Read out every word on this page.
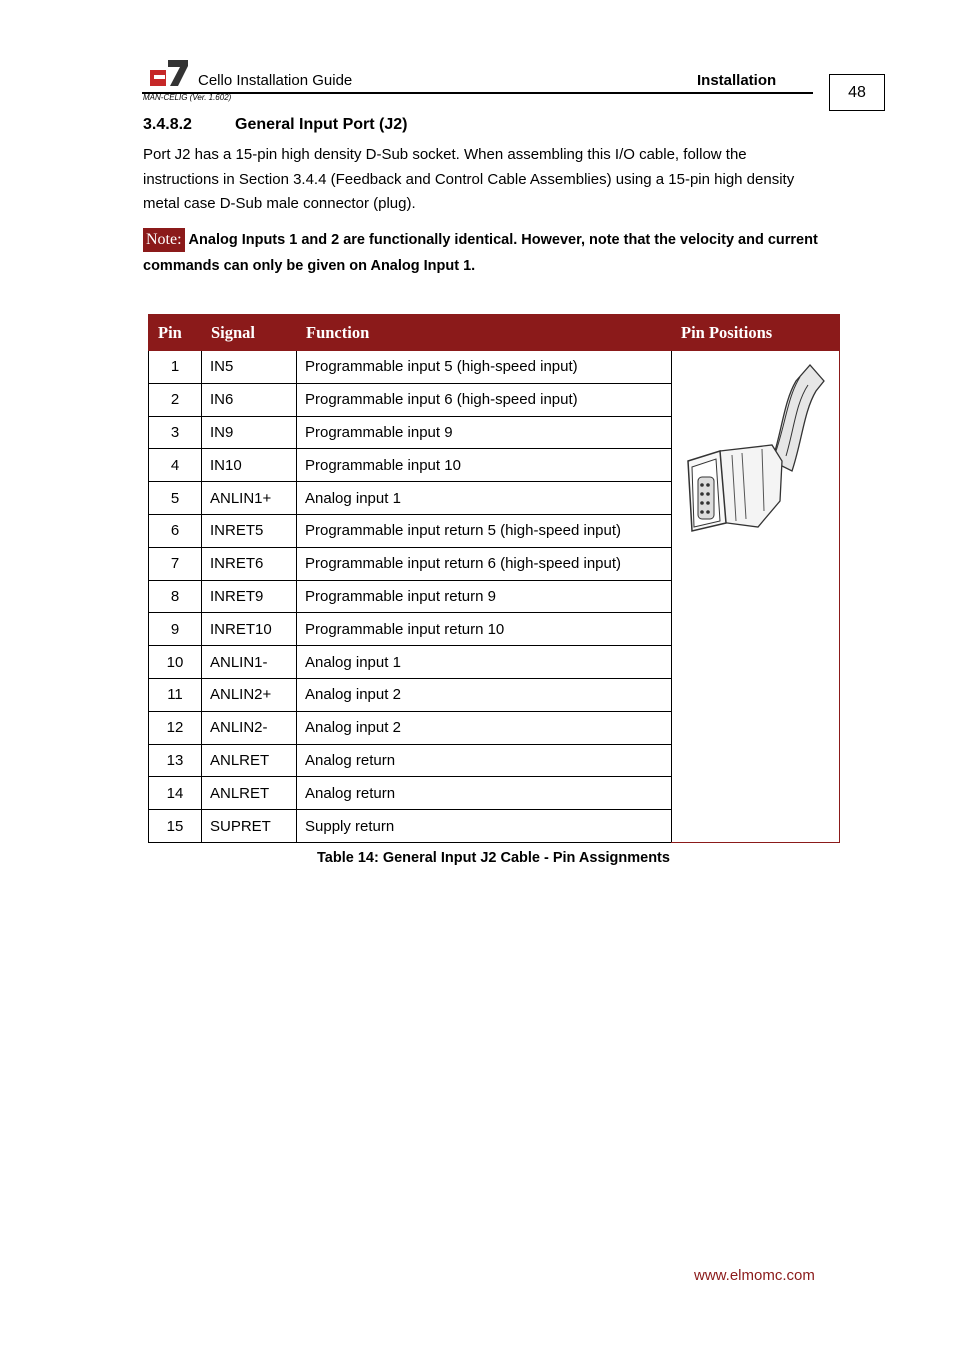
Cello Installation Guide	Installation
MAN-CELIG (Ver. 1.602)	48
3.4.8.2	General Input Port (J2)
Port J2 has a 15-pin high density D-Sub socket. When assembling this I/O cable, follow the instructions in Section 3.4.4 (Feedback and Control Cable Assemblies) using a 15-pin high density metal case D-Sub male connector (plug).
Note: Analog Inputs 1 and 2 are functionally identical. However, note that the velocity and current commands can only be given on Analog Input 1.
Pin	Signal	Function	Pin Positions
1	IN5	Programmable input 5 (high-speed input)	
2	IN6	Programmable input 6 (high-speed input)	
3	IN9	Programmable input 9	
4	IN10	Programmable input 10	
5	ANLIN1+	Analog input 1	
6	INRET5	Programmable input return 5 (high-speed input)	
7	INRET6	Programmable input return 6 (high-speed input)	
8	INRET9	Programmable input return 9	
9	INRET10	Programmable input return 10	
10	ANLIN1-	Analog input 1	
11	ANLIN2+	Analog input 2	
12	ANLIN2-	Analog input 2	
13	ANLRET	Analog return	
14	ANLRET	Analog return	
15	SUPRET	Supply return	
Table 14: General Input J2 Cable - Pin Assignments
www.elmomc.com
